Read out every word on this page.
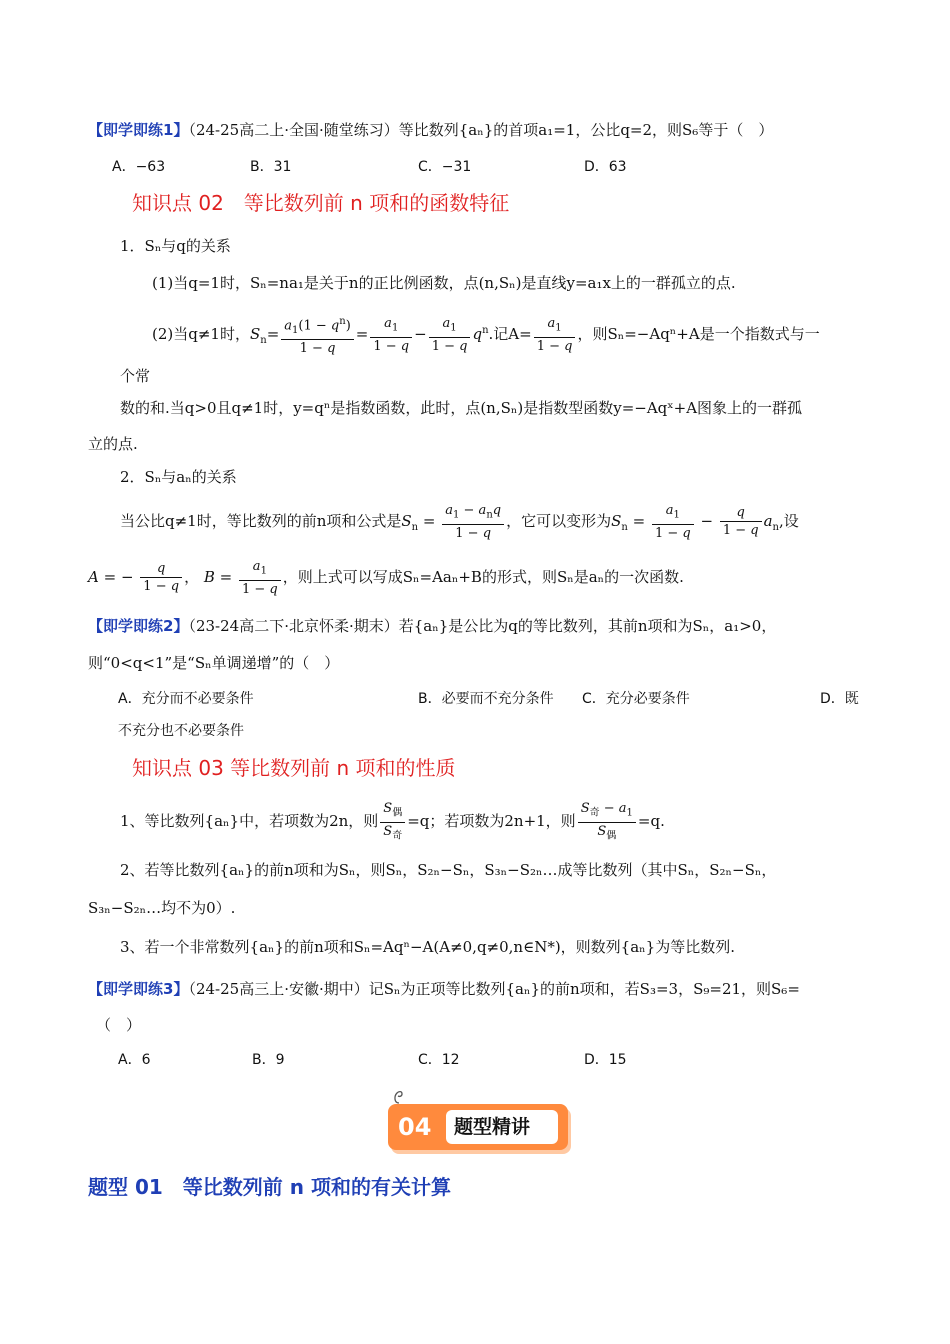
【即学即练1】（24-25高二上·全国·随堂练习）等比数列{aₙ}的首项a₁=1，公比q=2，则S₆等于（　）
A．−63	B．31	C．−31	D．63
知识点 02　等比数列前 n 项和的函数特征
1．Sₙ与q的关系
(1)当q=1时，Sₙ=na₁是关于n的正比例函数，点(n,Sₙ)是直线y=a₁x上的一群孤立的点.
(2)当q≠1时，$S_n= \frac{a_1(1 - q^n)}{1 - q} = \frac{a_1}{1 - q} - \frac{a_1}{1 - q} q^n$.记$A= \frac{a_1}{1 - q}$ ，则Sₙ=−Aqⁿ+A是一个指数式与一
个常
数的和.当q>0且q≠1时，y=qⁿ是指数函数，此时，点(n,Sₙ)是指数型函数y=−Aqˣ+A图象上的一群孤
立的点.
2．Sₙ与aₙ的关系
当公比q≠1时，等比数列的前n项和公式是$S_n = \frac{a_1 - a_nq}{1 - q}$ ，它可以变形为$S_n = \frac{a_1}{1 - q} - \frac{q}{1 - q} a_n$,设
A = − $\frac{q}{1 - q}$ ， $B = \frac{a_1}{1 - q}$ ，则上式可以写成Sₙ=Aaₙ+B的形式，则Sₙ是aₙ的一次函数.
【即学即练2】（23-24高二下·北京怀柔·期末）若{aₙ}是公比为q的等比数列，其前n项和为Sₙ，a₁>0，
则“0<q<1”是“Sₙ单调递增”的（　）
A．充分而不必要条件	B．必要而不充分条件 C．充分必要条件	D．既
不充分也不必要条件
知识点 03 等比数列前 n 项和的性质
1、等比数列{aₙ}中，若项数为2n，则 $\frac{S_偶}{S_奇} =q$；若项数为2n+1，则 $\frac{S_奇 - a_1}{S_偶} =q$.
2、若等比数列{aₙ}的前n项和为Sₙ，则Sₙ，S₂ₙ−Sₙ，S₃ₙ−S₂ₙ…成等比数列（其中Sₙ，S₂ₙ−Sₙ，
S₃ₙ−S₂ₙ…均不为0）.
3、若一个非常数列{aₙ}的前n项和Sₙ=Aqⁿ−A(A≠0,q≠0,n∈N*)，则数列{aₙ}为等比数列.
【即学即练3】（24-25高三上·安徽·期中）记Sₙ为正项等比数列{aₙ}的前n项和，若S₃=3，S₉=21，则S₆=
（　）
A．6	B．9	C．12	D．15
04 题型精讲
题型 01　等比数列前 n 项和的有关计算
